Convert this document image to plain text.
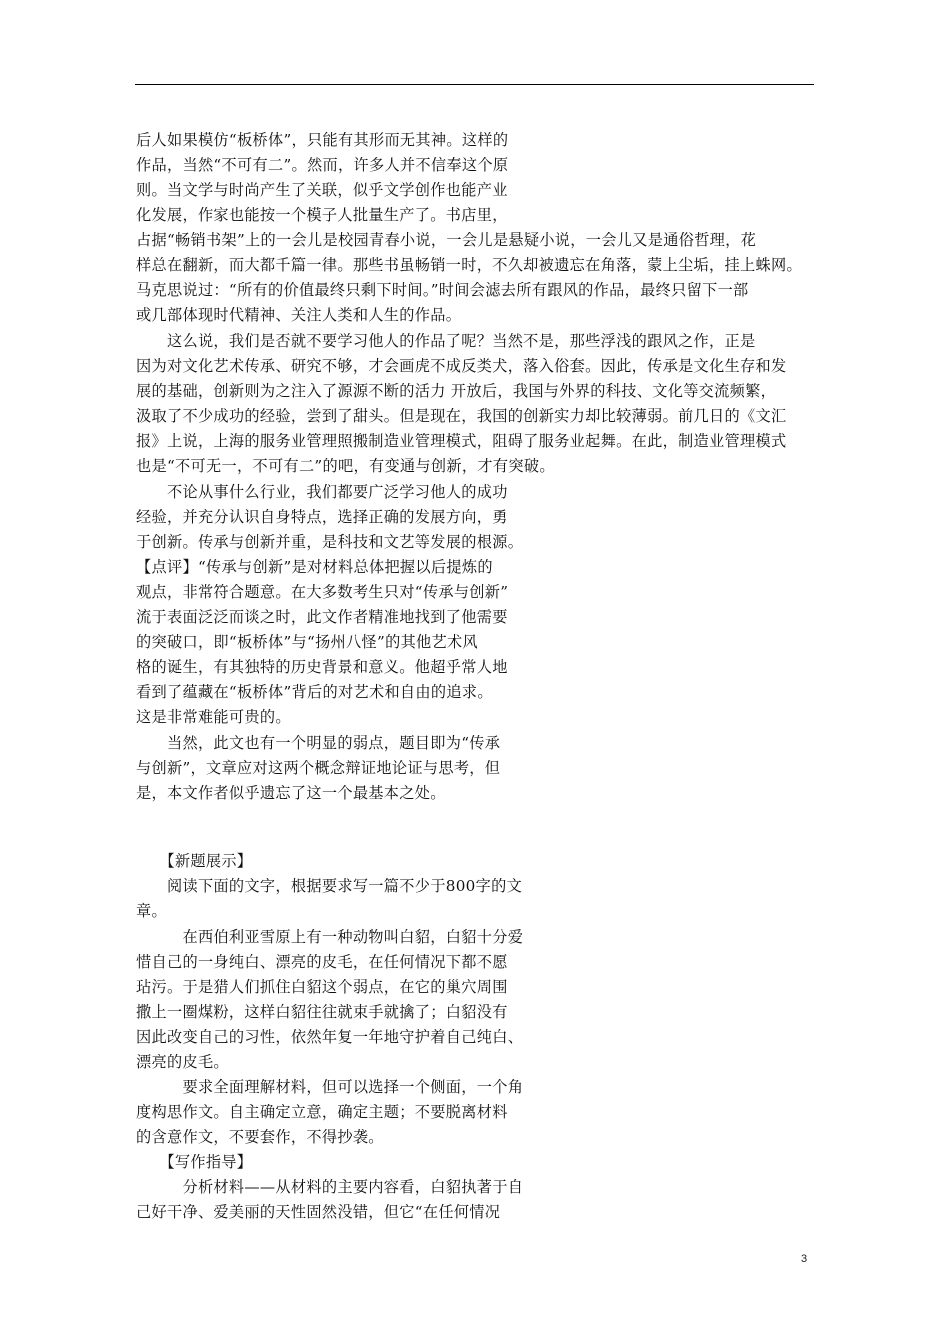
后人如果模仿“板桥体”，只能有其形而无其神。这样的
作品，当然“不可有二”。然而，许多人并不信奉这个原
则。当文学与时尚产生了关联，似乎文学创作也能产业
化发展，作家也能按一个模子人批量生产了。书店里，
占据“畅销书架”上的一会儿是校园青春小说，一会儿是悬疑小说，一会儿又是通俗哲理，花
样总在翻新，而大都千篇一律。那些书虽畅销一时，不久却被遗忘在角落，蒙上尘垢，挂上蛛网。
马克思说过：“所有的价值最终只剩下时间。”时间会滤去所有跟风的作品，最终只留下一部
或几部体现时代精神、关注人类和人生的作品。
　　这么说，我们是否就不要学习他人的作品了呢？当然不是，那些浮浅的跟风之作，正是
因为对文化艺术传承、研究不够，才会画虎不成反类犬，落入俗套。因此，传承是文化生存和发
展的基础，创新则为之注入了源源不断的活力 开放后，我国与外界的科技、文化等交流频繁，
汲取了不少成功的经验，尝到了甜头。但是现在，我国的创新实力却比较薄弱。前几日的《文汇
报》上说，上海的服务业管理照搬制造业管理模式，阻碍了服务业起舞。在此，制造业管理模式
也是“不可无一，不可有二”的吧，有变通与创新，才有突破。
　　不论从事什么行业，我们都要广泛学习他人的成功
经验，并充分认识自身特点，选择正确的发展方向，勇
于创新。传承与创新并重，是科技和文艺等发展的根源。
【点评】“传承与创新”是对材料总体把握以后提炼的
观点，非常符合题意。在大多数考生只对“传承与创新”
流于表面泛泛而谈之时，此文作者精准地找到了他需要
的突破口，即“板桥体”与“扬州八怪”的其他艺术风
格的诞生，有其独特的历史背景和意义。他超乎常人地
看到了蕴藏在“板桥体”背后的对艺术和自由的追求。
这是非常难能可贵的。
　　当然，此文也有一个明显的弱点，题目即为“传承
与创新”，文章应对这两个概念辩证地论证与思考，但
是，本文作者似乎遗忘了这一个最基本之处。
　　【新题展示】
　　阅读下面的文字，根据要求写一篇不少于800字的文
章。
　　　在西伯利亚雪原上有一种动物叫白貂，白貂十分爱
惜自己的一身纯白、漂亮的皮毛，在任何情况下都不愿
玷污。于是猎人们抓住白貂这个弱点，在它的巢穴周围
撒上一圈煤粉，这样白貂往往就束手就擒了；白貂没有
因此改变自己的习性，依然年复一年地守护着自己纯白、
漂亮的皮毛。
　　　要求全面理解材料，但可以选择一个侧面，一个角
度构思作文。自主确定立意，确定主题；不要脱离材料
的含意作文，不要套作，不得抄袭。
　　【写作指导】
　　　分析材料——从材料的主要内容看，白貂执著于自
己好干净、爱美丽的天性固然没错，但它“在任何情况
3
